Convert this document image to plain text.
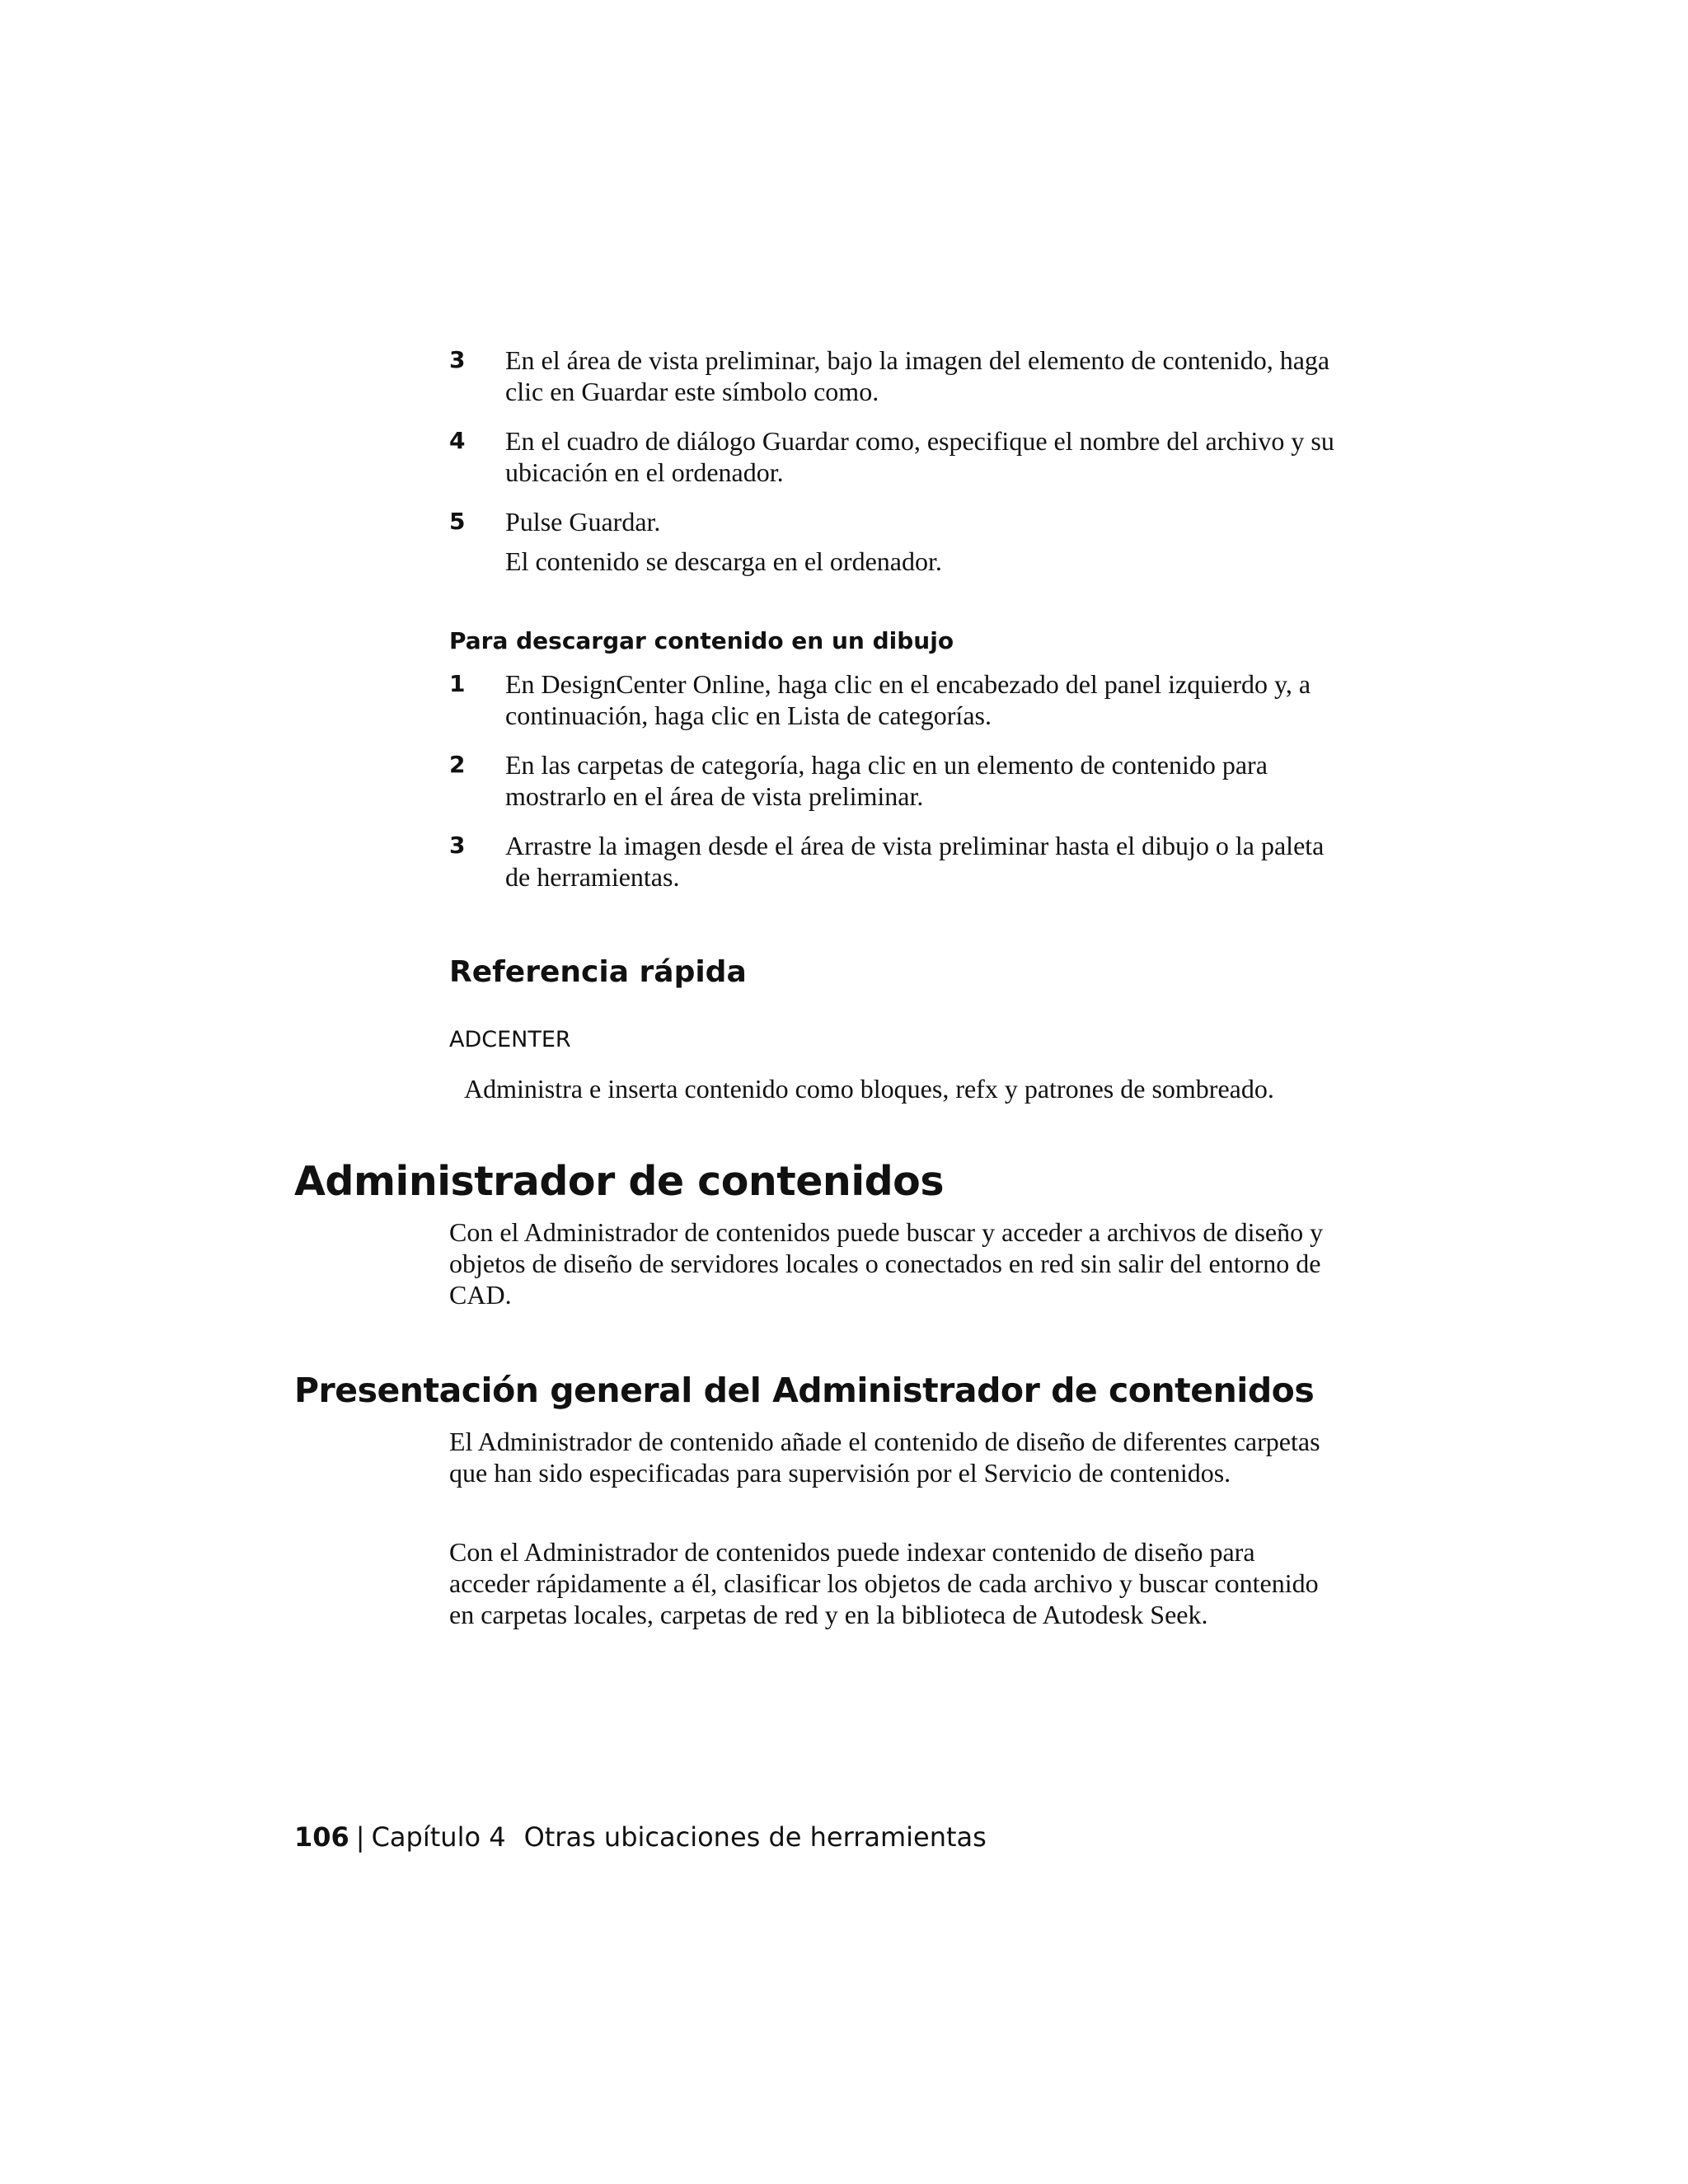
3	En el área de vista preliminar, bajo la imagen del elemento de contenido, haga clic en Guardar este símbolo como.
4	En el cuadro de diálogo Guardar como, especifique el nombre del archivo y su ubicación en el ordenador.
5	Pulse Guardar.
El contenido se descarga en el ordenador.
Para descargar contenido en un dibujo
1	En DesignCenter Online, haga clic en el encabezado del panel izquierdo y, a continuación, haga clic en Lista de categorías.
2	En las carpetas de categoría, haga clic en un elemento de contenido para mostrarlo en el área de vista preliminar.
3	Arrastre la imagen desde el área de vista preliminar hasta el dibujo o la paleta de herramientas.
Referencia rápida
ADCENTER
Administra e inserta contenido como bloques, refx y patrones de sombreado.
Administrador de contenidos
Con el Administrador de contenidos puede buscar y acceder a archivos de diseño y objetos de diseño de servidores locales o conectados en red sin salir del entorno de CAD.
Presentación general del Administrador de contenidos
El Administrador de contenido añade el contenido de diseño de diferentes carpetas que han sido especificadas para supervisión por el Servicio de contenidos.
Con el Administrador de contenidos puede indexar contenido de diseño para acceder rápidamente a él, clasificar los objetos de cada archivo y buscar contenido en carpetas locales, carpetas de red y en la biblioteca de Autodesk Seek.
106 | Capítulo 4 Otras ubicaciones de herramientas
